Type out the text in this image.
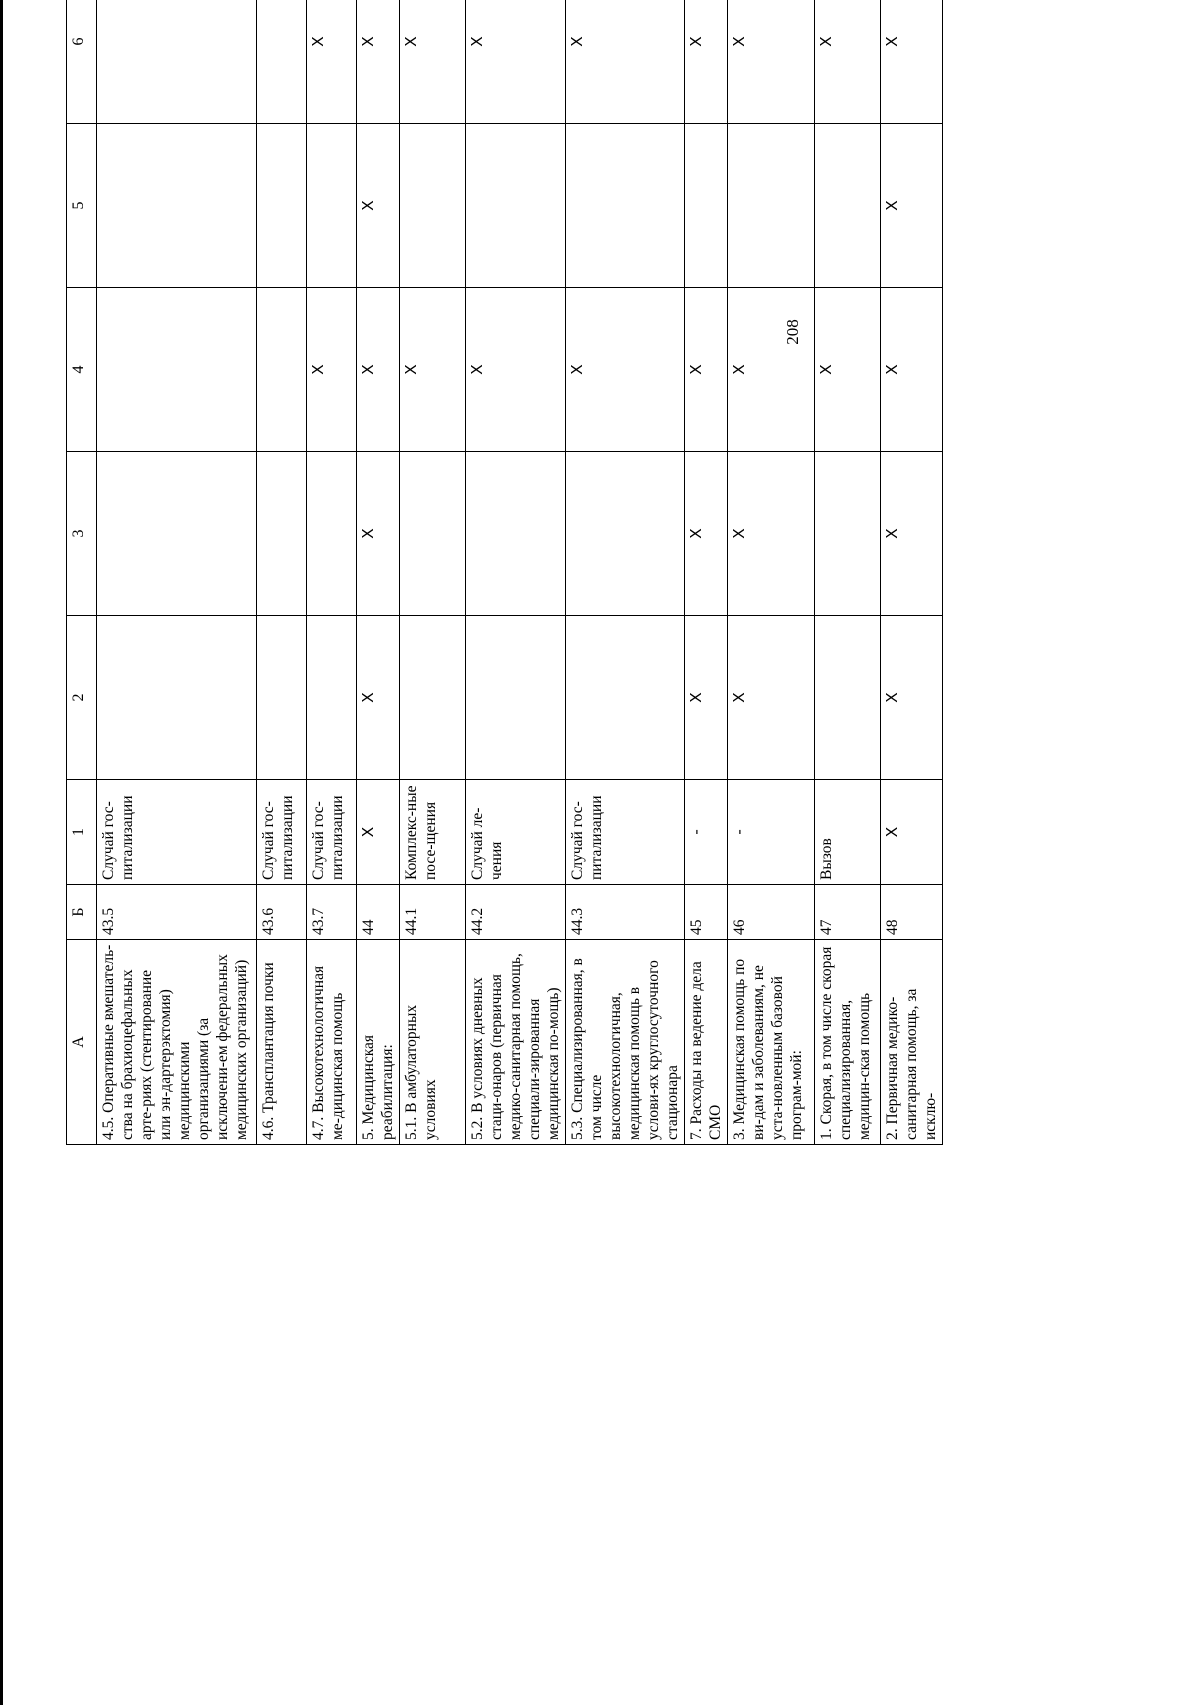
208
А	Б	1	2	3	4	5	6		
4.5. Оперативные вмешатель-ства на брахиоцефальных арте-риях (стентирование или эн-дартерэктомия) медицинскими организациями (за исключени-ем федеральных медицинских организаций)	43.5	Случай гос-питализации							
4.6. Трансплантация почки	43.6	Случай гос-питализации							
4.7. Высокотехнологичная ме-дицинская помощь	43.7	Случай гос-питализации			X		X		
5. Медицинская реабилитация:	44	X	X	X	X	X	X		
5.1. В амбулаторных условиях	44.1	Комплекс-ные посе-щения			X		X		
5.2. В условиях дневных стаци-онаров (первичная медико-санитарная помощь, специали-зированная медицинская по-мощь)	44.2	Случай ле-чения			X		X		
5.3. Специализированная, в том числе высокотехнологичная, медицинская помощь в услови-ях круглосуточного стационара	44.3	Случай гос-питализации			X		X		
7. Расходы на ведение дела СМО	45	-	X	X	X		X		
3. Медицинская помощь по ви-дам и заболеваниям, не уста-новленным базовой програм-мой:	46	-	X	X	X		X		
1. Скорая, в том числе скорая специализированная, медицин-ская помощь	47	Вызов			X		X		
2. Первичная медико-санитарная помощь, за исклю-	48	X	X	X	X	X	X		
